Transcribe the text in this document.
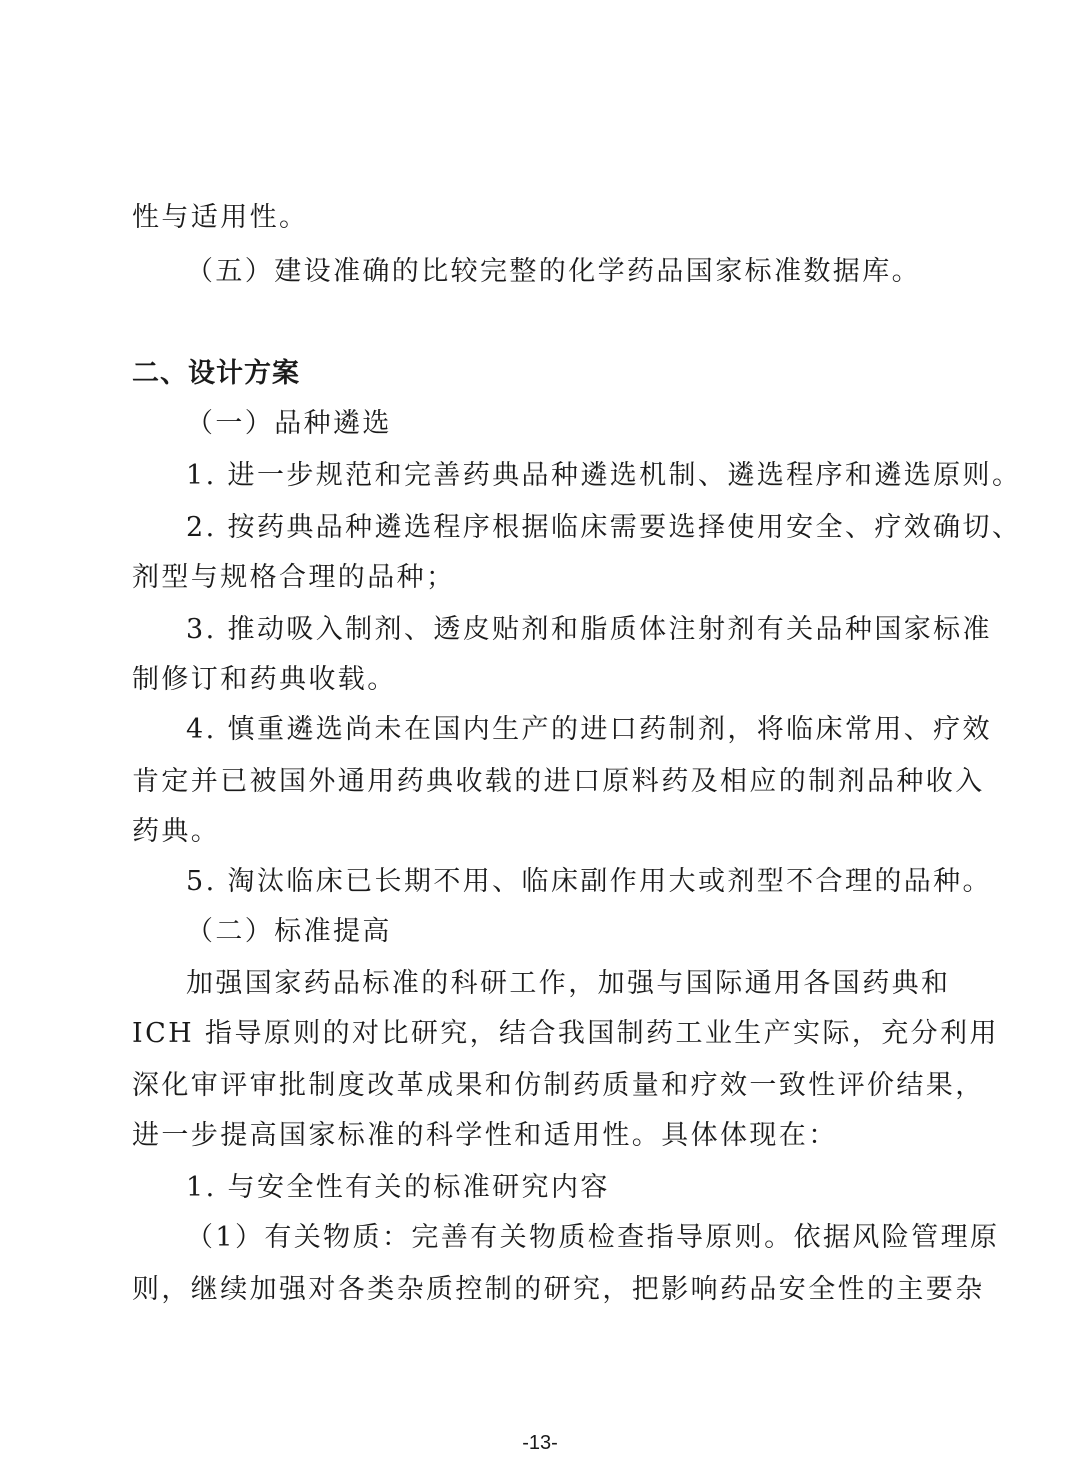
性与适用性。
（五）建设准确的比较完整的化学药品国家标准数据库。
二、设计方案
（一）品种遴选
1. 进一步规范和完善药典品种遴选机制、遴选程序和遴选原则。
2. 按药典品种遴选程序根据临床需要选择使用安全、疗效确切、
剂型与规格合理的品种；
3. 推动吸入制剂、透皮贴剂和脂质体注射剂有关品种国家标准
制修订和药典收载。
4. 慎重遴选尚未在国内生产的进口药制剂，将临床常用、疗效
肯定并已被国外通用药典收载的进口原料药及相应的制剂品种收入
药典。
5. 淘汰临床已长期不用、临床副作用大或剂型不合理的品种。
（二）标准提高
加强国家药品标准的科研工作，加强与国际通用各国药典和
ICH 指导原则的对比研究，结合我国制药工业生产实际，充分利用
深化审评审批制度改革成果和仿制药质量和疗效一致性评价结果，
进一步提高国家标准的科学性和适用性。具体体现在：
1. 与安全性有关的标准研究内容
（1）有关物质：完善有关物质检查指导原则。依据风险管理原
则，继续加强对各类杂质控制的研究，把影响药品安全性的主要杂
-13-
